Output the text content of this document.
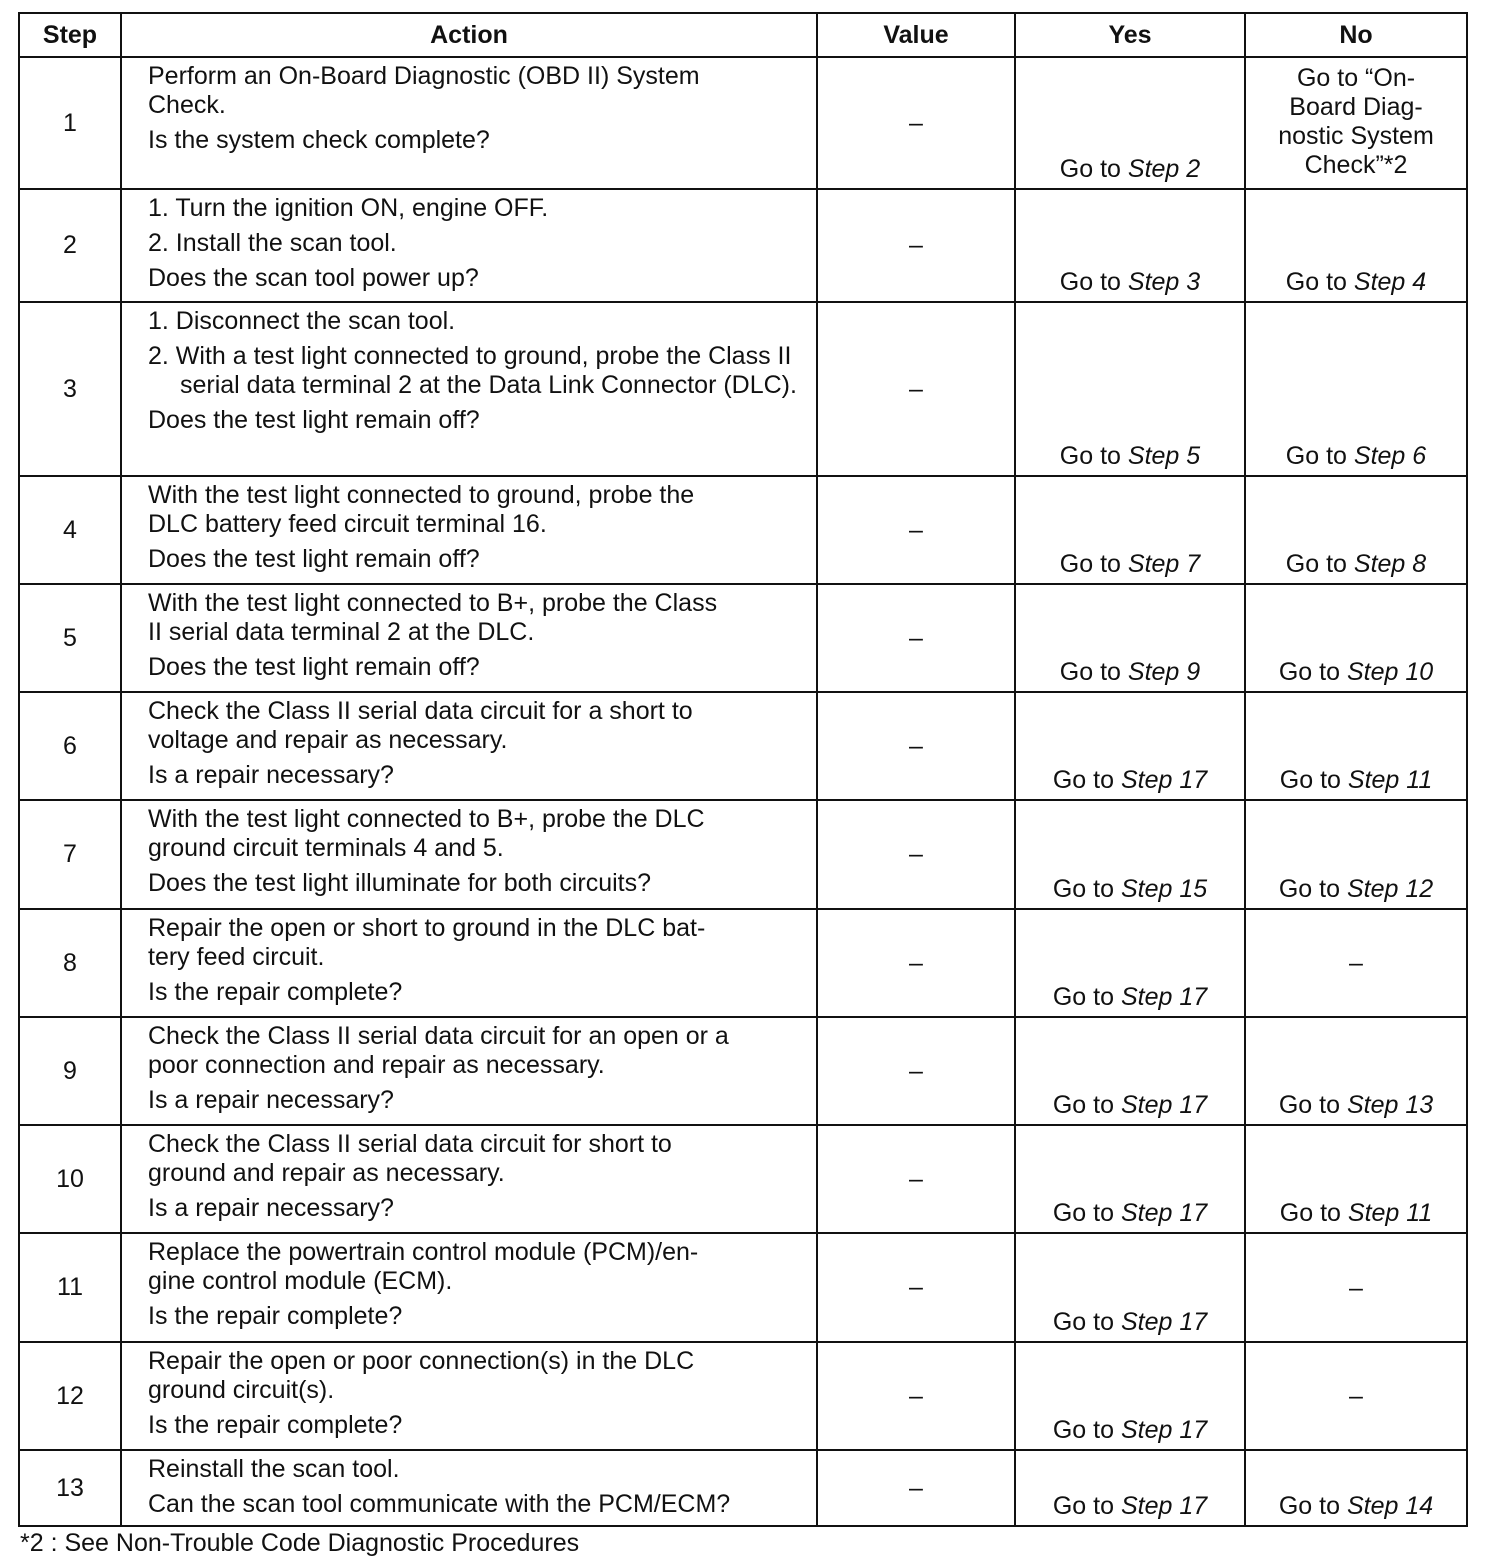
Step	Action	Value	Yes	No
1	Perform an On-Board Diagnostic (OBD II) System
Check.
Is the system check complete?	–	Go to Step 2	Go to “On-
Board Diag-
nostic System
Check”*2

2	1. Turn the ignition ON, engine OFF.
2. Install the scan tool.
Does the scan tool power up?	–	Go to Step 3	Go to Step 4
3	1. Disconnect the scan tool.
2. With a test light connected to ground, probe the Class II serial data terminal 2 at the Data Link Connector (DLC).
Does the test light remain off?	–	Go to Step 5	Go to Step 6
4	With the test light connected to ground, probe the
DLC battery feed circuit terminal 16.
Does the test light remain off?	–	Go to Step 7	Go to Step 8
5	With the test light connected to B+, probe the Class
II serial data terminal 2 at the DLC.
Does the test light remain off?	–	Go to Step 9	Go to Step 10
6	Check the Class II serial data circuit for a short to
voltage and repair as necessary.
Is a repair necessary?	–	Go to Step 17	Go to Step 11
7	With the test light connected to B+, probe the DLC
ground circuit terminals 4 and 5.
Does the test light illuminate for both circuits?	–	Go to Step 15	Go to Step 12
8	Repair the open or short to ground in the DLC bat-
tery feed circuit.
Is the repair complete?	–	Go to Step 17	–
9	Check the Class II serial data circuit for an open or a
poor connection and repair as necessary.
Is a repair necessary?	–	Go to Step 17	Go to Step 13
10	Check the Class II serial data circuit for short to
ground and repair as necessary.
Is a repair necessary?	–	Go to Step 17	Go to Step 11
11	Replace the powertrain control module (PCM)/en-
gine control module (ECM).
Is the repair complete?	–	Go to Step 17	–
12	Repair the open or poor connection(s) in the DLC
ground circuit(s).
Is the repair complete?	–	Go to Step 17	–
13	Reinstall the scan tool.
Can the scan tool communicate with the PCM/ECM?	–	Go to Step 17	Go to Step 14
*2 : See Non-Trouble Code Diagnostic Procedures
